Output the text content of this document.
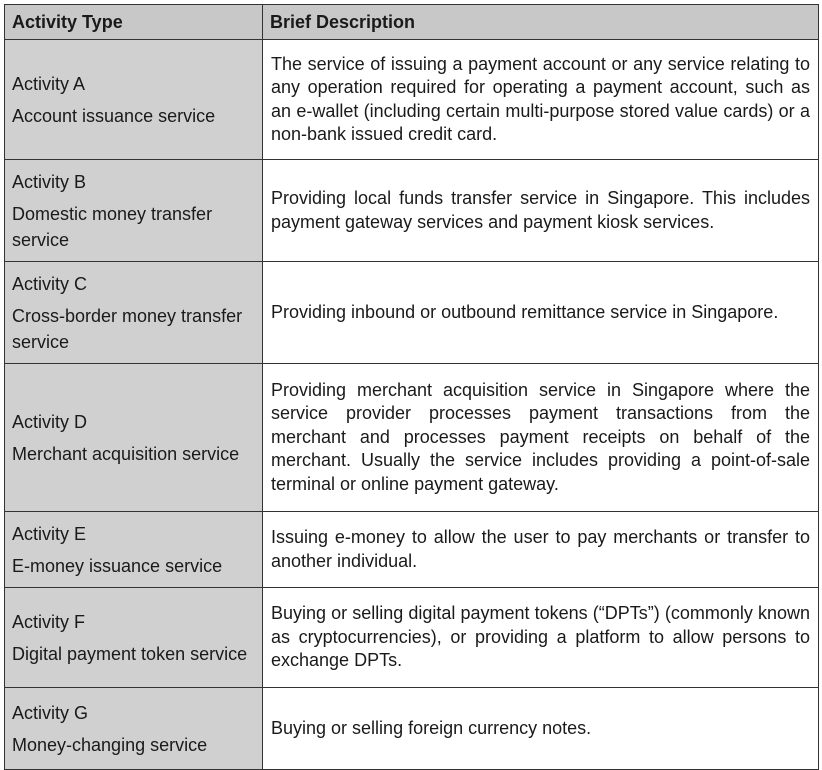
Activity Type	Brief Description

Activity A
Account issuance service	The service of issuing a payment account or any service relating to any operation required for operating a payment account, such as an e-wallet (including certain multi-purpose stored value cards) or a non-bank issued credit card.

Activity B
Domestic money transfer service	Providing local funds transfer service in Singapore. This includes payment gateway services and payment kiosk services.

Activity C
Cross-border money transfer service	Providing inbound or outbound remittance service in Singapore.

Activity D
Merchant acquisition service	Providing merchant acquisition service in Singapore where the service provider processes payment transactions from the merchant and processes payment receipts on behalf of the merchant. Usually the service includes providing a point-of-sale terminal or online payment gateway.

Activity E
E-money issuance service	Issuing e-money to allow the user to pay merchants or transfer to another individual.

Activity F
Digital payment token service	Buying or selling digital payment tokens (“DPTs”) (commonly known as cryptocurrencies), or providing a platform to allow persons to exchange DPTs.

Activity G
Money-changing service	Buying or selling foreign currency notes.
